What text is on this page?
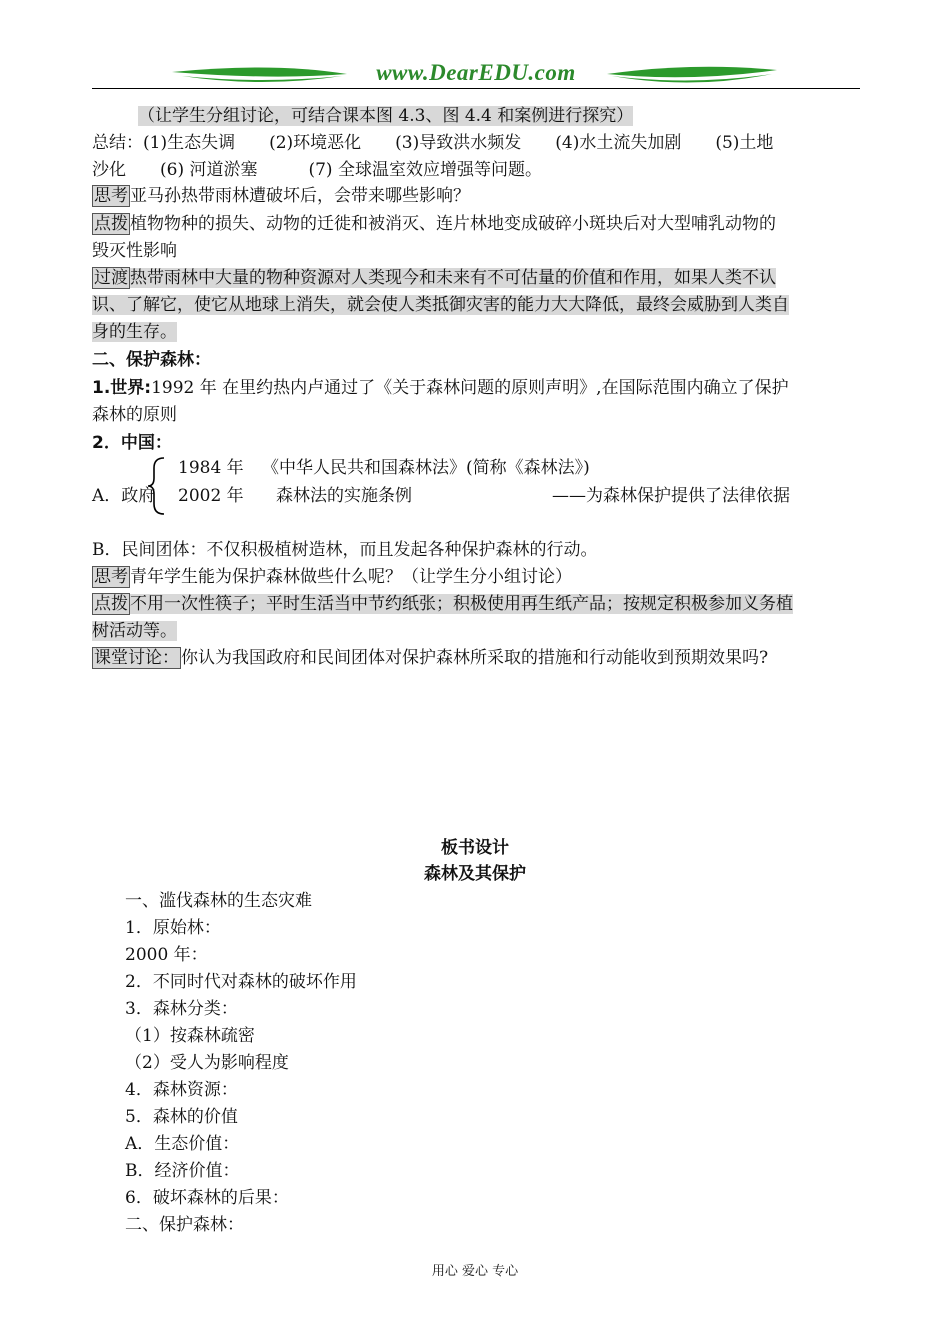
www.DearEDU.com
（让学生分组讨论，可结合课本图 4.3、图 4.4 和案例进行探究）
总结：(1)生态失调　　(2)环境恶化　　(3)导致洪水频发　　(4)水土流失加剧　　(5)土地
沙化　　(6) 河道淤塞　　　(7) 全球温室效应增强等问题。
思考 亚马孙热带雨林遭破坏后，会带来哪些影响？
点拨 植物物种的损失、动物的迁徙和被消灭、连片林地变成破碎小斑块后对大型哺乳动物的
毁灭性影响
过渡 热带雨林中大量的物种资源对人类现今和未来有不可估量的价值和作用，如果人类不认
识、了解它，使它从地球上消失，就会使人类抵御灾害的能力大大降低，最终会威胁到人类自
身的生存。
二、保护森林：
1.世界:1992 年 在里约热内卢通过了《关于森林问题的原则声明》,在国际范围内确立了保护
森林的原则
2．中国：
1984 年 《中华人民共和国森林法》(简称《森林法》)
A．政府 2002 年 森林法的实施条例	——为森林保护提供了法律依据
B．民间团体：不仅积极植树造林，而且发起各种保护森林的行动。
思考 青年学生能为保护森林做些什么呢？（让学生分小组讨论）
点拨 不用一次性筷子；平时生活当中节约纸张；积极使用再生纸产品；按规定积极参加义务植
树活动等。
课堂讨论： 你认为我国政府和民间团体对保护森林所采取的措施和行动能收到预期效果吗?
板书设计
森林及其保护
一、滥伐森林的生态灾难
1．原始林：
2000 年：
2．不同时代对森林的破坏作用
3．森林分类：
（1）按森林疏密
（2）受人为影响程度
4．森林资源：
5．森林的价值
A．生态价值：
B．经济价值：
6．破坏森林的后果：
二、保护森林：
用心 爱心 专心
